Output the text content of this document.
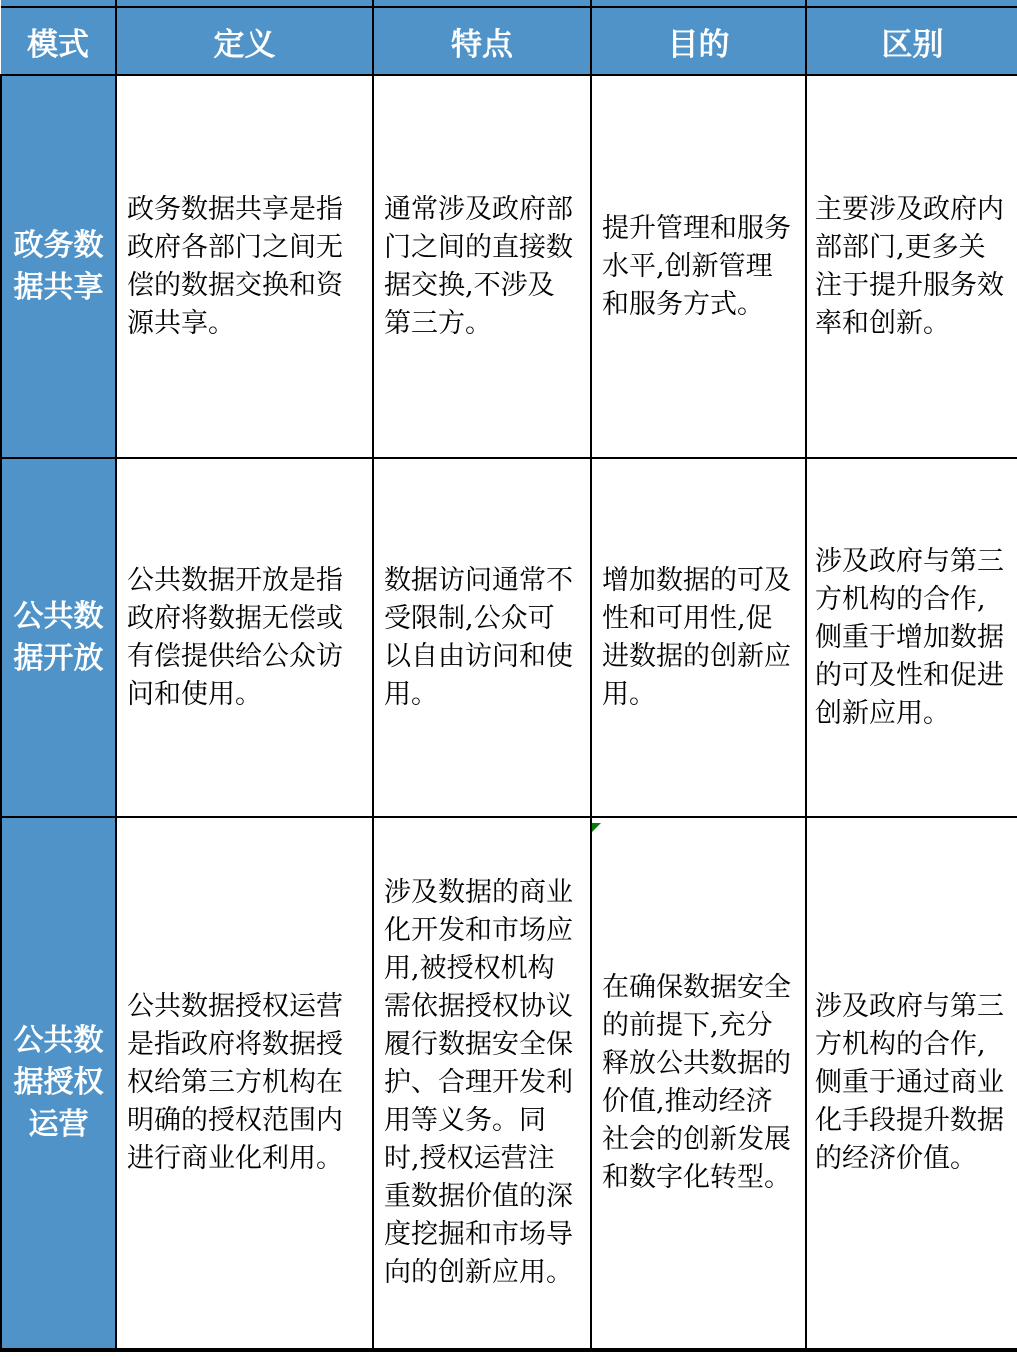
模式	定义	特点	目的	区别
政务数据共享	政务数据共享是指政府各部门之间无偿的数据交换和资源共享。	通常涉及政府部门之间的直接数据交换,不涉及第三方。	提升管理和服务水平,创新管理和服务方式。	主要涉及政府内部部门,更多关注于提升服务效率和创新。
公共数据开放	公共数据开放是指政府将数据无偿或有偿提供给公众访问和使用。	数据访问通常不受限制,公众可以自由访问和使用。	增加数据的可及性和可用性,促进数据的创新应用。	涉及政府与第三方机构的合作,侧重于增加数据的可及性和促进创新应用。
公共数据授权运营	公共数据授权运营是指政府将数据授权给第三方机构在明确的授权范围内进行商业化利用。	涉及数据的商业化开发和市场应用,被授权机构需依据授权协议履行数据安全保护、合理开发利用等义务。同时,授权运营注重数据价值的深度挖掘和市场导向的创新应用。	在确保数据安全的前提下,充分释放公共数据的价值,推动经济社会的创新发展和数字化转型。	涉及政府与第三方机构的合作,侧重于通过商业化手段提升数据的经济价值。
